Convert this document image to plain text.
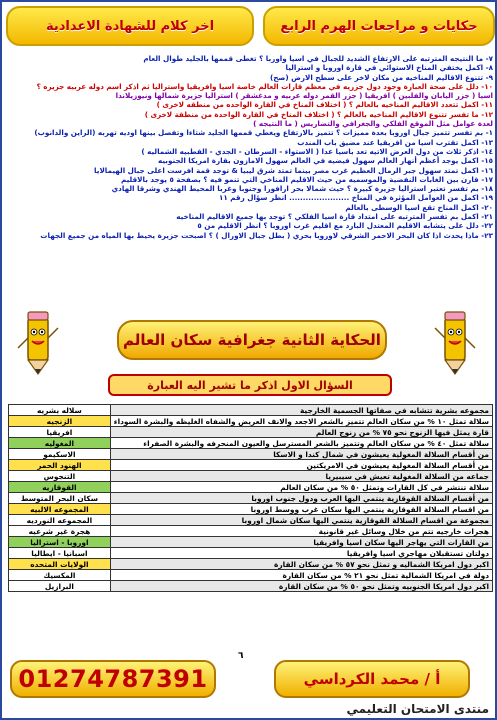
حكايات و مراجعات الهرم الرابع
اخر كلام للشهادة الاعدادية
٧- ما النتيجه المترتبه على الارتفاع الشديد للجبال في اسيا واوربا ؟ تغطى قممها بالجليد طوال العام
٨- اكمل يختفي المناخ الاستوائي في قارة اوروبا و استراليا
٩- تتنوع الاقاليم المناخيه من مكان لاخر على سطح الارض (صح)
١٠- دلل على صحة العبارة وجود دول جزريه في معظم قارات العالم خاصة اسيا وافريقيا واستراليا ثم اذكر اسم دوله عربيه جزيره ؟
اسيا ( جزر اليابان والفلبين ) افريقيا ( جزر القمر دوله عربيه و مدغشقر ) استراليا جزيرة شمالها ونيوزيلاندا
١١- اكمل تتعدد الاقاليم المناخيه بالعالم ؟ ( اختلاف المناخ في القارة الواحده من منطقه لاخرى )
١٢- ما تفسر تتنوع الاقاليم المناخيه بالعالم ؟ ( اختلاف المناخ في القارة الواحدة من منطقة لاخرى )
لعدة عوامل مثل الموقع الفلكي والجغرافي والتضاريس ( ما النتيجه )
١- بم تفسر تتميز جبال اوروبا بعدة مميزات ؟ تتميز بالارتفاع ويغطي قممها الجليد شتاءا وتفصل بينها اوديه تهربه (الراين والدانوب)
١٣- اكمل تقترب اسيا من افريقيا عند مضيق باب المندب
١٤- اذكر ثلاث من دول العرض الاتيه تعد باسيا عدا ( الاستواء - السرطان - الجدي - القطبيه الشماليه )
١٥- اكمل يوجد أعظم أنهار العالم سهول فيضيه في العالم سهول الامازون بقارة امريكا الجنوبيه
١٦- اكمل تمتد سهول جبر الرمال العظيم غرب مصر بينما تمتد شرق ليبيا & توجد قمة افرست اعلى جبال الهيمالايا
١٧- قارن بين الغابات النفضية والموسميه من حيث الاقليم المناخي التي تنمو فيه ؟ بصفحة ٥ يوجد بالاقليم
١٨- بم تفسر تعتبر استراليا جزيرة كبيرة ؟ حيث شمالا بحر ارافورا وجنوبا وغربا المحيط الهندي وشرقا الهادي
١٩- اكمل من العوامل المؤثرة في المناخ ...................... انظر سؤال رقم ١١
٢٠- اكمل المناخ تقع اسيا الوسطى بالعالم
٢١- اكمل بم تفسر المترتبه على امتداد قارة اسيا الفلكي ؟ توجد بها جميع الاقاليم المناخيه
٢٢- دلل على يتشابه الاقليم المعتدل البارد مع اقليم غرب اوروبا ؟ انظر الاقليم من ٥
٢٣- ماذا يحدث اذا كان البحر الاحمر الشرقي لاوروبا بحري ( بطل جبال الاورال ) ؟ اصبحت جزيرة يحيط بها المياه من جميع الجهات
الحكاية الثانية جغرافية سكان العالم
السؤال الاول اذكر ما تشير اليه العبارة
مجموعه بشرية تتشابه في صفاتها الجسمية الخارجية	سلاله بشريه
سلالة تمثل ١٠ % من سكان العالم تتميز بالشعر الاجعد والانف العريض والشفاه الغليظه والبشرة السوداء	الزنجيه
قارة يمثل فيها الزنوج نحو ٧٥ % من زنوج العالم	افريقيا
سلالة تمثل ٤٠ % من سكان العالم وتتميز بالشعر المسترسل والعيون المنحرفه والبشرة الصفراء	المغوليه
من أقسام السلالة المغولية يعيشون في شمال كندا و الاسكا	الاسكيمو
من أقسام السلالة المغولية يعيشون في الامريكتين	الهنود الحمر
جماعه من السلالة المغولية تعيش في سيبيريا	التنجوس
سلالة تنتشر في كل القارات وتمثل ٥٠ % من سكان العالم	القوقازيه
من أقسام السلالة القوقازية ينتمي اليها العرب ودول جنوب اوروبا	سكان البحر المتوسط
من اقسام السلالة القوقازية ينتمي اليها سكان غرب ووسط اوروبا	المجموعه الالبيه
مجموعة من اقسام السلالة القوقازية ينتمي اليها سكان شمال اوروبا	المجموعه النورديه
هجرات خارجيه تتم من خلال وسائل غير قانونية	هجرة غير شرعيه
من القارات التي يهاجر اليها سكان اسيا وافريقيا	اوروبا - استراليا
دولتان تستقبلان مهاجري اسيا وافريقيا	اسبانيا - ايطاليا
اكبر دول امريكا الشماليه و تمثل نحو ٥٧ % من سكان القارة	الولايات المتحده
دولة في امريكا الشمالية تمثل نحو ٢١ % من سكان القارة	المكسيك
اكبر دول امريكا الجنوبيه وتمثل نحو ٥٠ % من سكان القارة	البرازيل
٦
01274787391	أ / محمد الكرداسي
منتدى الامتحان التعليمي
